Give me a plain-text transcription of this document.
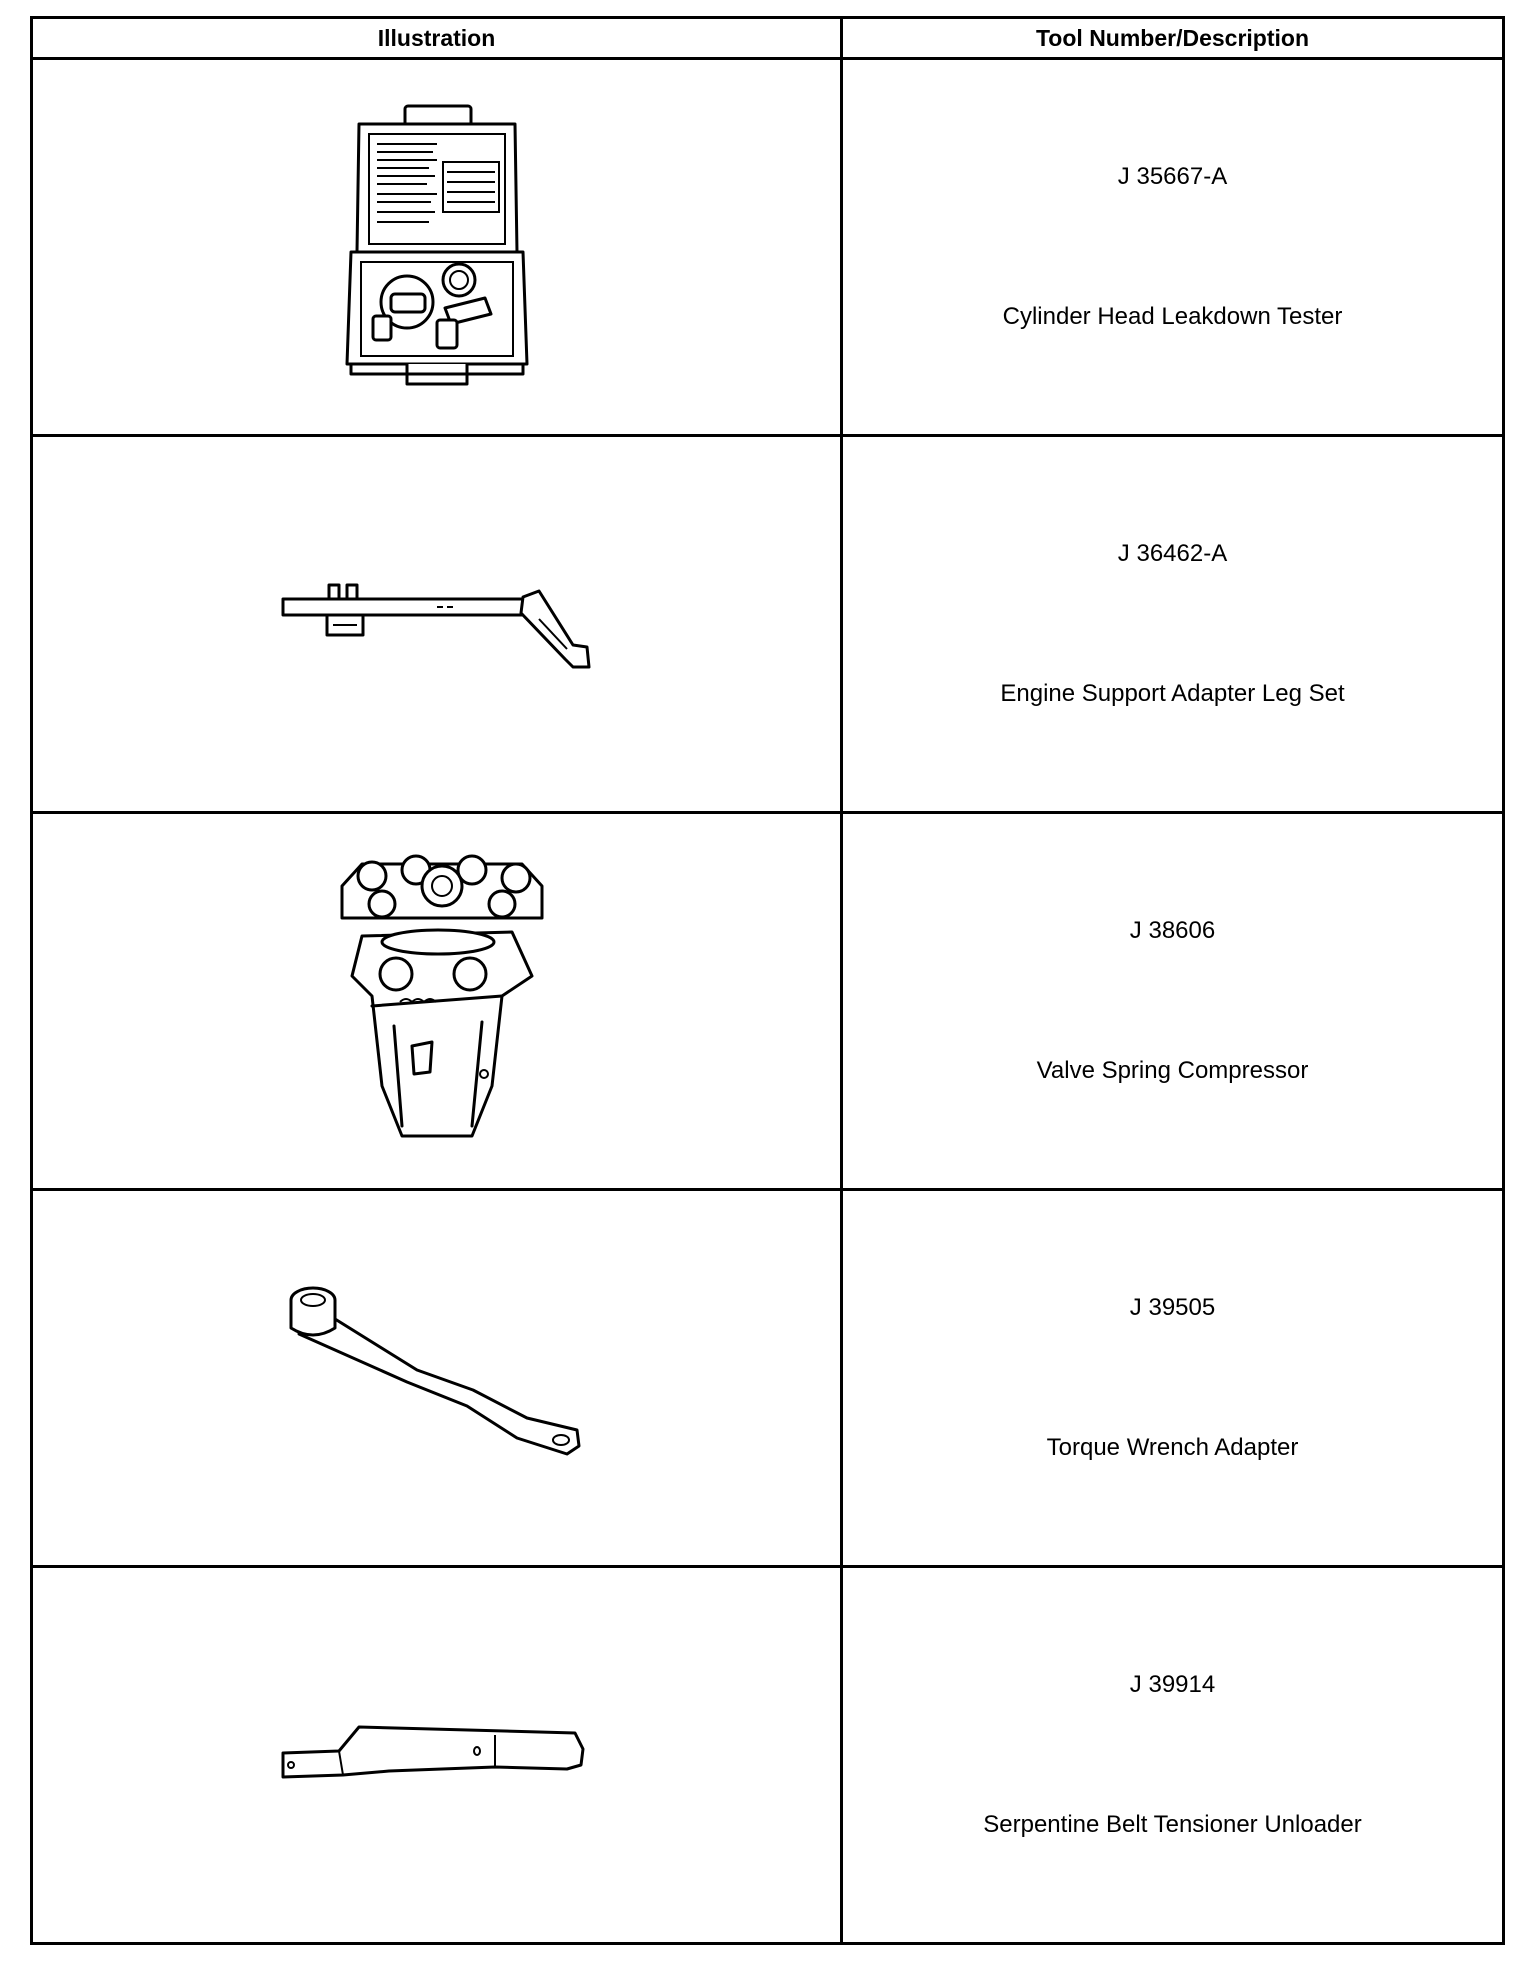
Illustration	Tool Number/Description

J 35667-A
Cylinder Head Leakdown Tester

J 36462-A
Engine Support Adapter Leg Set

J 38606
Valve Spring Compressor

J 39505
Torque Wrench Adapter

J 39914
Serpentine Belt Tensioner Unloader
